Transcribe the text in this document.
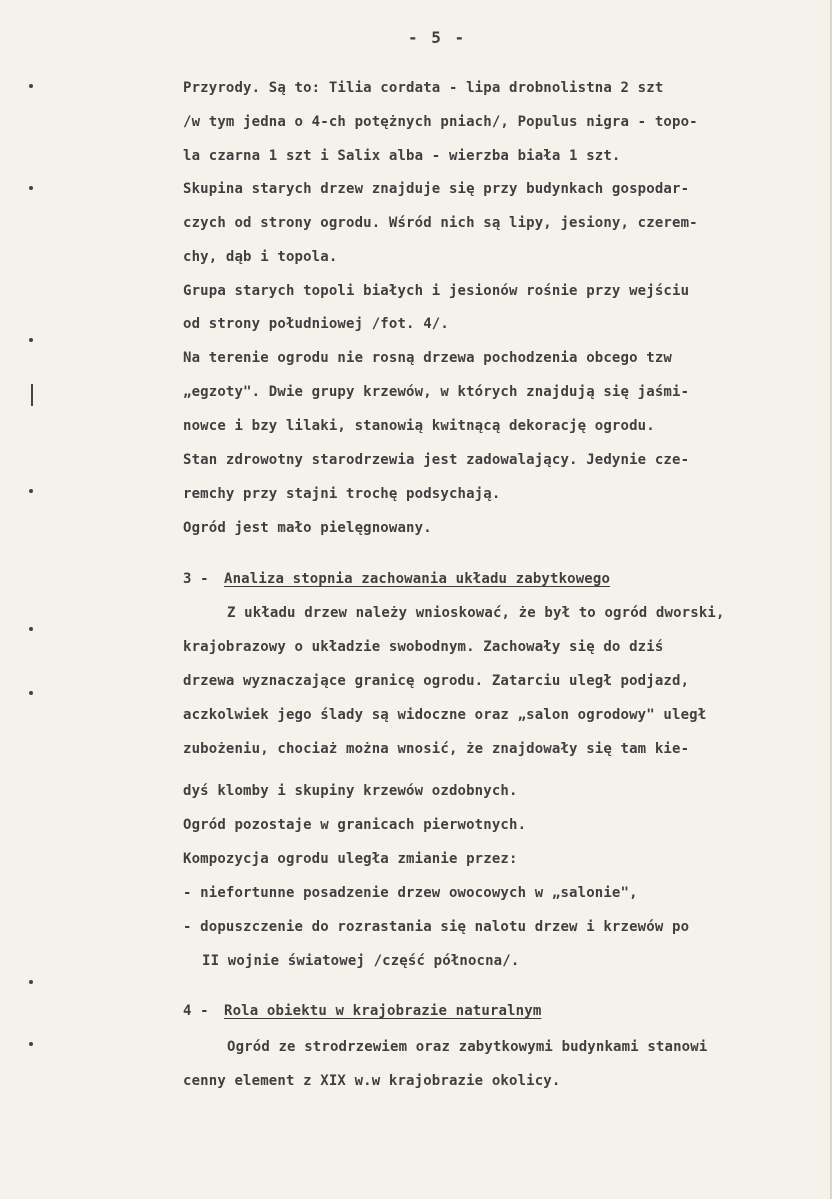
- 5 -
Przyrody. Są to: Tilia cordata - lipa drobnolistna 2 szt
/w tym jedna o 4-ch potężnych pniach/, Populus nigra - topo-
la czarna 1 szt i Salix alba - wierzba biała 1 szt.
Skupina starych drzew znajduje się przy budynkach gospodar-
czych od strony ogrodu. Wśród nich są lipy, jesiony, czerem-
chy, dąb i topola.
Grupa starych topoli białych i jesionów rośnie przy wejściu
od strony południowej /fot. 4/.
Na terenie ogrodu nie rosną drzewa pochodzenia obcego tzw
„egzoty". Dwie grupy krzewów, w których znajdują się jaśmi-
nowce i bzy lilaki, stanowią kwitnącą dekorację ogrodu.
Stan zdrowotny starodrzewia jest zadowalający. Jedynie cze-
remchy przy stajni trochę podsychają.
Ogród jest mało pielęgnowany.
3 - Analiza stopnia zachowania układu zabytkowego
Z układu drzew należy wnioskować, że był to ogród dworski,
krajobrazowy o układzie swobodnym. Zachowały się do dziś
drzewa wyznaczające granicę ogrodu. Zatarciu uległ podjazd,
aczkolwiek jego ślady są widoczne oraz „salon ogrodowy" uległ
zubożeniu, chociaż można wnosić, że znajdowały się tam kie-
dyś klomby i skupiny krzewów ozdobnych.
Ogród pozostaje w granicach pierwotnych.
Kompozycja ogrodu uległa zmianie przez:
- niefortunne posadzenie drzew owocowych w „salonie",
- dopuszczenie do rozrastania się nalotu drzew i krzewów po
II wojnie światowej /część północna/.
4 - Rola obiektu w krajobrazie naturalnym
Ogród ze strodrzewiem oraz zabytkowymi budynkami stanowi
cenny element z XIX w.w krajobrazie okolicy.
